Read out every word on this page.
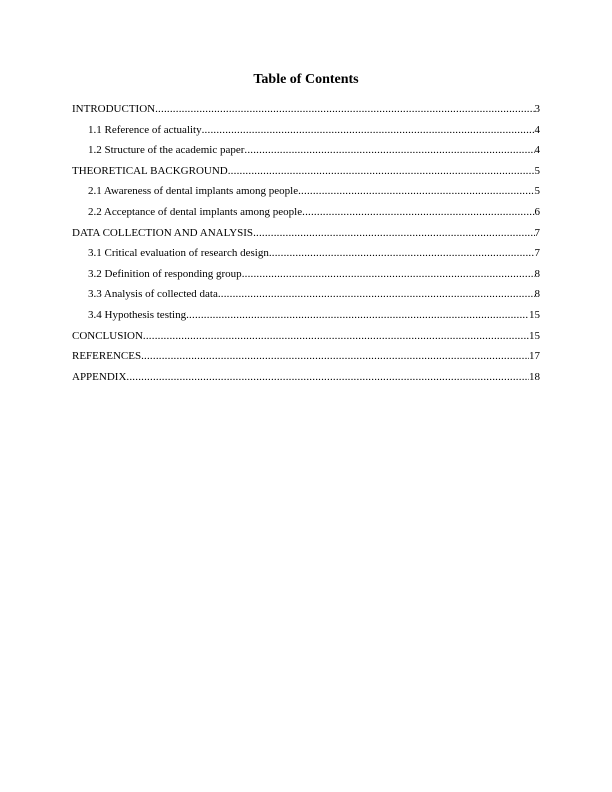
Table of Contents
INTRODUCTION .....	3
1.1 Reference of actuality .....	4
1.2 Structure of the academic paper .....	4
THEORETICAL BACKGROUND .....	5
2.1 Awareness of dental implants among people .....	5
2.2 Acceptance of dental implants among people .....	6
DATA COLLECTION AND ANALYSIS .....	7
3.1 Critical evaluation of research design .....	7
3.2 Definition of responding group .....	8
3.3 Analysis of collected data .....	8
3.4 Hypothesis testing .....	15
CONCLUSION .....	15
REFERENCES .....	17
APPENDIX .....	18
